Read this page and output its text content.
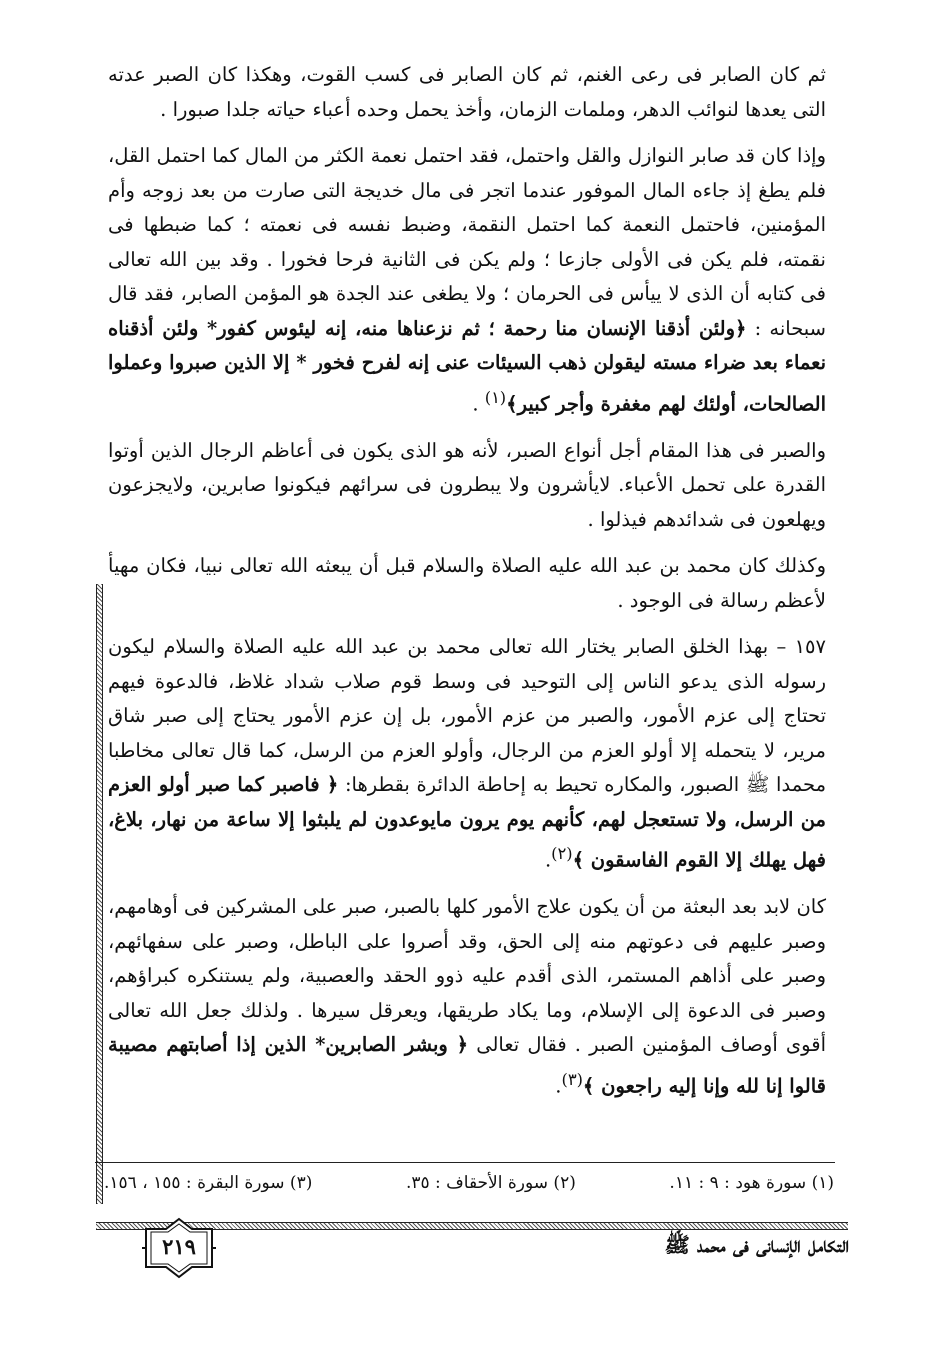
ثم كان الصابر فى رعى الغنم، ثم كان الصابر فى كسب القوت، وهكذا كان الصبر عدته التى يعدها لنوائب الدهر، وملمات الزمان، وأخذ يحمل وحده أعباء حياته جلدا صبورا .

وإذا كان قد صابر النوازل والقل واحتمل، فقد احتمل نعمة الكثر من المال كما احتمل القل، فلم يطغ إذ جاءه المال الموفور عندما اتجر فى مال خديجة التى صارت من بعد زوجه وأم المؤمنين، فاحتمل النعمة كما احتمل النقمة، وضبط نفسه فى نعمته ؛ كما ضبطها فى نقمته، فلم يكن فى الأولى جازعا ؛ ولم يكن فى الثانية فرحا فخورا . وقد بين الله تعالى فى كتابه أن الذى لا ييأس فى الحرمان ؛ ولا يطغى عند الجدة هو المؤمن الصابر، فقد قال سبحانه : ﴿ولئن أذقنا الإنسان منا رحمة ؛ ثم نزعناها منه، إنه ليئوس كفور* ولئن أذقناه نعماء بعد ضراء مسته ليقولن ذهب السيئات عنى إنه لفرح فخور * إلا الذين صبروا وعملوا الصالحات، أولئك لهم مغفرة وأجر كبير﴾$^{(١)}$ .

والصبر فى هذا المقام أجل أنواع الصبر، لأنه هو الذى يكون فى أعاظم الرجال الذين أوتوا القدرة على تحمل الأعباء. لايأشرون ولا يبطرون فى سرائهم فيكونوا صابرين، ولايجزعون ويهلعون فى شدائدهم فيذلوا .

وكذلك كان محمد بن عبد الله عليه الصلاة والسلام قبل أن يبعثه الله تعالى نبيا، فكان مهيأ لأعظم رسالة فى الوجود .

١٥٧ – بهذا الخلق الصابر يختار الله تعالى محمد بن عبد الله عليه الصلاة والسلام ليكون رسوله الذى يدعو الناس إلى التوحيد فى وسط قوم صلاب شداد غلاظ، فالدعوة فيهم تحتاج إلى عزم الأمور، والصبر من عزم الأمور، بل إن عزم الأمور يحتاج إلى صبر شاق مرير، لا يتحمله إلا أولو العزم من الرجال، وأولو العزم من الرسل، كما قال تعالى مخاطبا محمدا ﷺ الصبور، والمكاره تحيط به إحاطة الدائرة بقطرها: ﴿ فاصبر كما صبر أولو العزم من الرسل، ولا تستعجل لهم، كأنهم يوم يرون مايوعدون لم يلبثوا إلا ساعة من نهار، بلاغ، فهل يهلك إلا القوم الفاسقون ﴾$^{(٢)}$.

كان لابد بعد البعثة من أن يكون علاج الأمور كلها بالصبر، صبر على المشركين فى أوهامهم، وصبر عليهم فى دعوتهم منه إلى الحق، وقد أصروا على الباطل، وصبر على سفهائهم، وصبر على أذاهم المستمر، الذى أقدم عليه ذوو الحقد والعصبية، ولم يستنكره كبراؤهم، وصبر فى الدعوة إلى الإسلام، وما يكاد طريقها، ويعرقل سيرها . ولذلك جعل الله تعالى أقوى أوصاف المؤمنين الصبر . فقال تعالى ﴿ وبشر الصابرين* الذين إذا أصابتهم مصيبة قالوا إنا لله وإنا إليه راجعون ﴾$^{(٣)}$.

(١) سورة هود : ٩ : ١١.
(٢) سورة الأحقاف : ٣٥.
(٣) سورة البقرة : ١٥٥ ، ١٥٦.
التكامل الإنسانى فى محمد ﷺ
٢١٩
